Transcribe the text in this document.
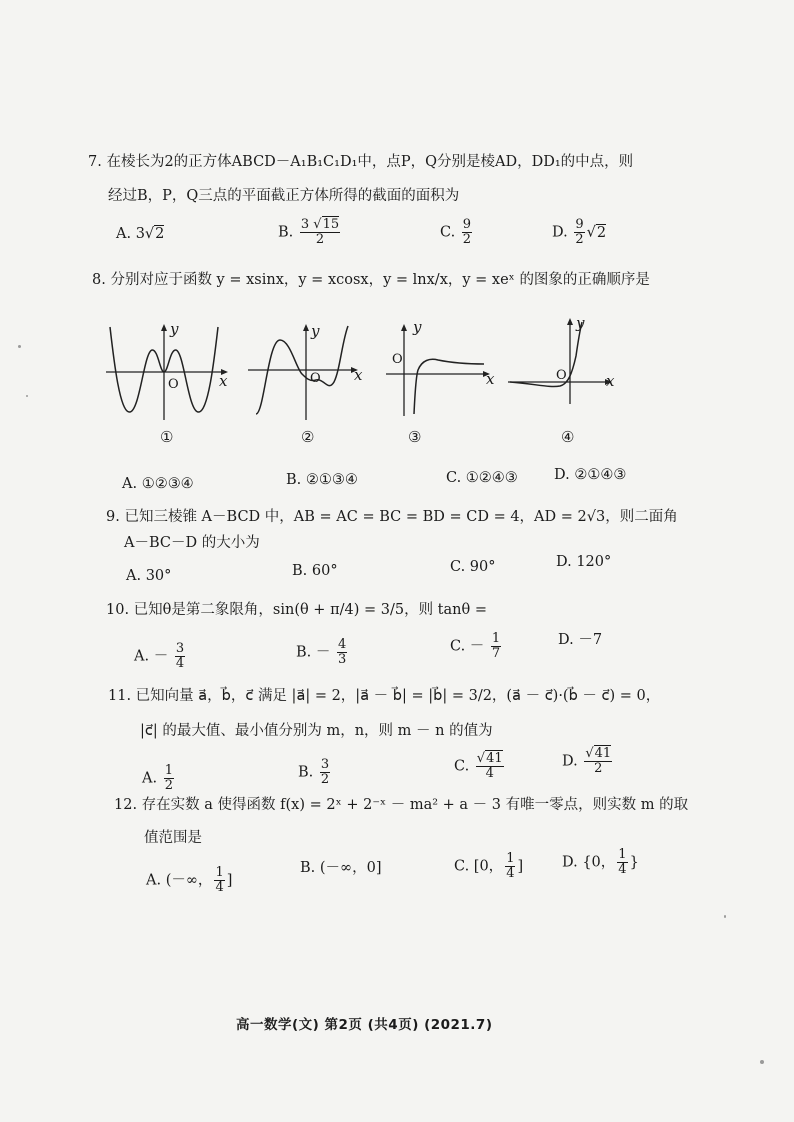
7. 在棱长为2的正方体ABCD－A₁B₁C₁D₁中，点P，Q分别是棱AD，DD₁的中点，则
经过B，P，Q三点的平面截正方体所得的截面的面积为
A. 3√2	B. $\frac{3 √15}{2}$	C. $\frac{9}{2}$	D. $\frac{9}{2} √2$
8. 分别对应于函数 y = xsinx，y = xcosx，y = lnx/x，y = xeˣ 的图象的正确顺序是
y
x
O
①
y
x
O
②
y
x
O
③
y
x
O
④
A. ①②③④	B. ②①③④	C. ①②④③ D. ②①④③
9. 已知三棱锥 A－BCD 中，AB = AC = BC = BD = CD = 4，AD = 2√3，则二面角
A－BC－D 的大小为
A. 30°	B. 60°	C. 90°	D. 120°
10. 已知θ是第二象限角，sin(θ + π/4) = 3/5，则 tanθ =
A. － $\frac{3}{4}$	B. － $\frac{4}{3}$	C. － $\frac{1}{7}$	D. －7
11. 已知向量 a⃗，b⃗，c⃗ 满足 |a⃗| = 2，|a⃗ － b⃗| = |b⃗| = 3/2，(a⃗ － c⃗)·(b⃗ － c⃗) = 0，
|c⃗| 的最大值、最小值分别为 m，n，则 m － n 的值为
A. $\frac{1}{2}$	B. $\frac{3}{2}$	C. $\frac{√41}{4}$	D. $\frac{√41}{2}$
12. 存在实数 a 使得函数 f(x) = 2ˣ + 2⁻ˣ － ma² + a － 3 有唯一零点，则实数 m 的取
值范围是
A. (－∞， $\frac{1}{4}$ ]
B. (－∞，0]	C. [0， $\frac{1}{4}$ ]	D. {0， $\frac{1}{4}$ }
高一数学(文) 第2页 (共4页) (2021.7)
